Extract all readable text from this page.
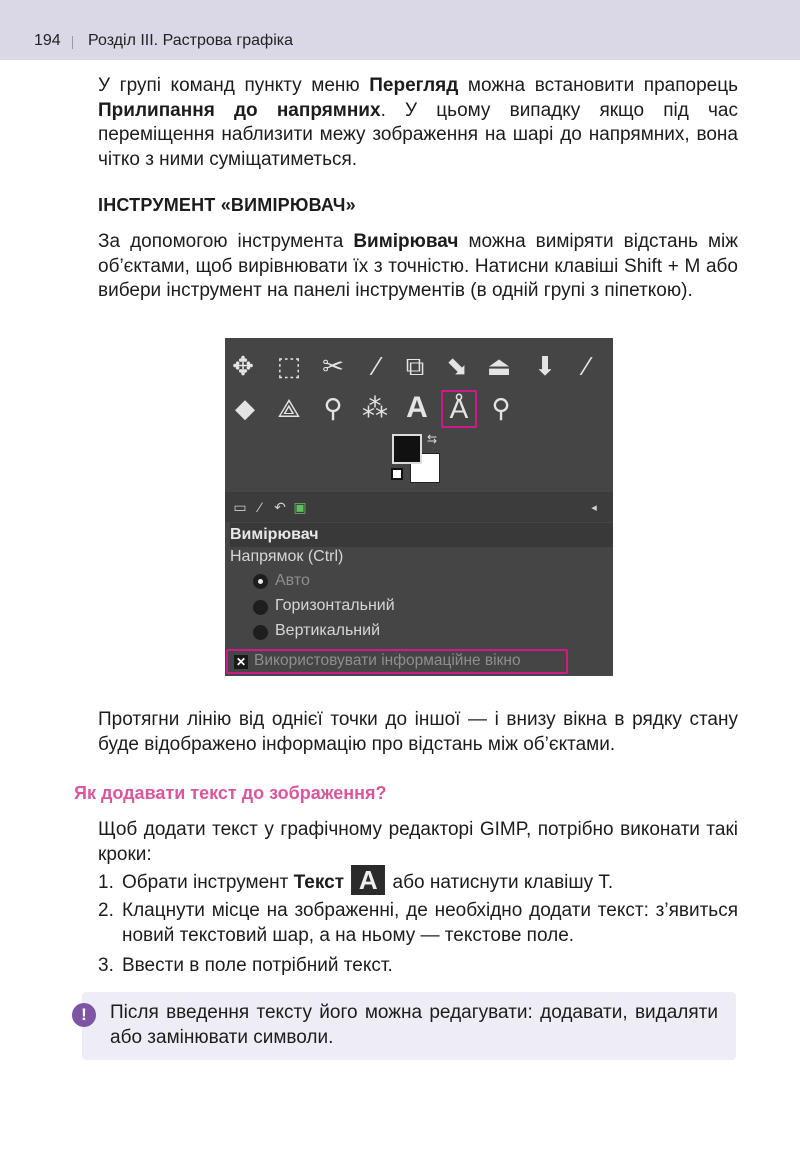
194 Розділ ІІІ. Растрова графіка

У групі команд пункту меню Перегляд можна встановити прапорець Прилипання до напрямних. У цьому випадку якщо під час переміщення наблизити межу зображення на шарі до напрямних, вона чітко з ними суміщатиметься.

ІНСТРУМЕНТ «ВИМІРЮВАЧ»

За допомогою інструмента Вимірювач можна виміряти відстань між об’єктами, щоб вирівнювати їх з точністю. Натисни клавіші Shift + M або вибери інструмент на панелі інструментів (в одній групі з піпеткою).

✥ ⬚ ✂	⁄	⧉ ⬊ ⏏ ⬇	∕
◆ ⟁ ⚲ ⁂ A Å ⚲
⇆
▭ ⁄ ↶ ▣	◂
Вимірювач
Напрямок (Ctrl)
Авто
Горизонтальний
Вертикальний
✕ Використовувати інформаційне вікно

Протягни лінію від однієї точки до іншої — і внизу вікна в рядку стану буде відображено інформацію про відстань між об’єктами.

Як додавати текст до зображення?

Щоб додати текст у графічному редакторі GIMP, потрібно виконати такі кроки:

1. Обрати інструмент Текст A або натиснути клавішу T.
2. Клацнути місце на зображенні, де необхідно додати текст: з’явиться новий текстовий шар, а на ньому — текстове поле.
3. Ввести в поле потрібний текст.
!	Після введення тексту його можна редагувати: додавати, видаляти або замінювати символи.
